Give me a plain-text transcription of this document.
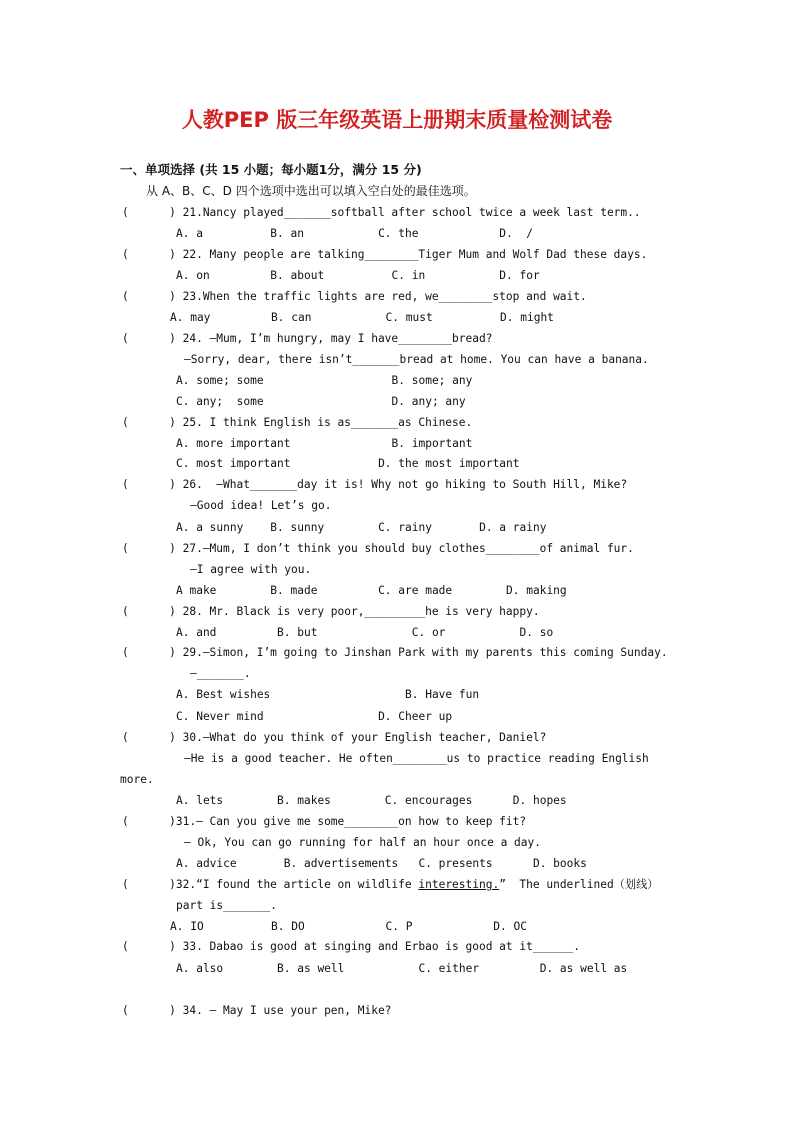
人教PEP 版三年级英语上册期末质量检测试卷
一、单项选择 (共 15 小题；每小题1分，满分 15 分)
从 A、B、C、D 四个选项中选出可以填入空白处的最佳选项。
(      ) 21.Nancy played_______softball after school twice a week last term..
A. a          B. an           C. the            D.  /
(      ) 22. Many people are talking________Tiger Mum and Wolf Dad these days.
A. on         B. about          C. in           D. for
(      ) 23.When the traffic lights are red, we________stop and wait.
A. may         B. can           C. must          D. might
(      ) 24. —Mum, I’m hungry, may I have________bread?
—Sorry, dear, there isn’t_______bread at home. You can have a banana.
A. some; some                   B. some; any
C. any;  some                   D. any; any
(      ) 25. I think English is as_______as Chinese.
A. more important               B. important
C. most important             D. the most important
(      ) 26.  —What_______day it is! Why not go hiking to South Hill, Mike?
—Good idea! Let’s go.
A. a sunny    B. sunny        C. rainy       D. a rainy
(      ) 27.—Mum, I don’t think you should buy clothes________of animal fur.
—I agree with you.
A make        B. made         C. are made        D. making
(      ) 28. Mr. Black is very poor,_________he is very happy.
A. and         B. but              C. or           D. so
(      ) 29.—Simon, I’m going to Jinshan Park with my parents this coming Sunday.
—_______.
A. Best wishes                    B. Have fun
C. Never mind                 D. Cheer up
(      ) 30.—What do you think of your English teacher, Daniel?
—He is a good teacher. He often________us to practice reading English
more.
A. lets        B. makes        C. encourages      D. hopes
(      )31.— Can you give me some________on how to keep fit?
— Ok, You can go running for half an hour once a day.
A. advice       B. advertisements   C. presents      D. books
(      )32.“I found the article on wildlife interesting.”  The underlined（划线）
part is_______.
A. IO          B. DO            C. P            D. OC
(      ) 33. Dabao is good at singing and Erbao is good at it______.
A. also        B. as well           C. either         D. as well as
(      ) 34. — May I use your pen, Mike?
